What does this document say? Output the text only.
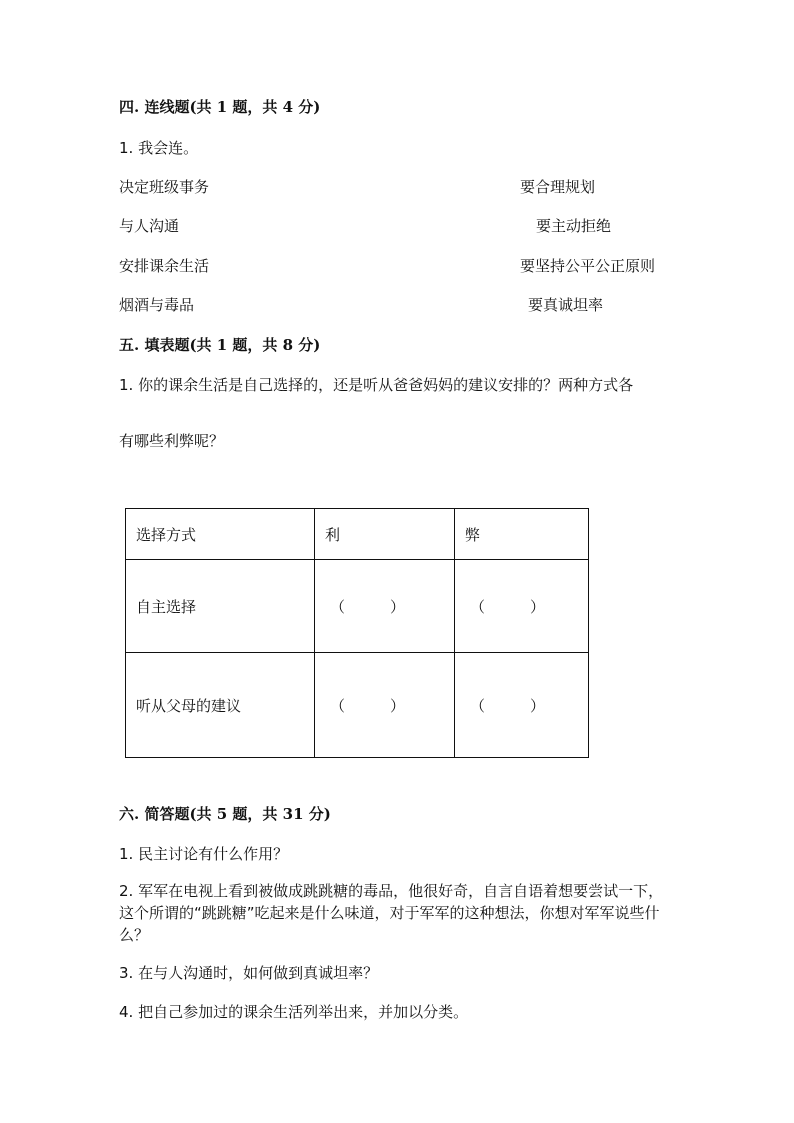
四. 连线题(共 1 题，共 4 分)
1. 我会连。
决定班级事务
与人沟通
安排课余生活
烟酒与毒品
要合理规划
要主动拒绝
要坚持公平公正原则
要真诚坦率
五. 填表题(共 1 题，共 8 分)
1. 你的课余生活是自己选择的，还是听从爸爸妈妈的建议安排的？两种方式各
有哪些利弊呢？
选择方式	利	弊
自主选择	（　　　）	（　　　）
听从父母的建议	（　　　）	（　　　）
六. 简答题(共 5 题，共 31 分)
1. 民主讨论有什么作用？
2. 军军在电视上看到被做成跳跳糖的毒品，他很好奇，自言自语着想要尝试一下，这个所谓的“跳跳糖”吃起来是什么味道，对于军军的这种想法，你想对军军说些什么？
3. 在与人沟通时，如何做到真诚坦率？
4. 把自己参加过的课余生活列举出来，并加以分类。
